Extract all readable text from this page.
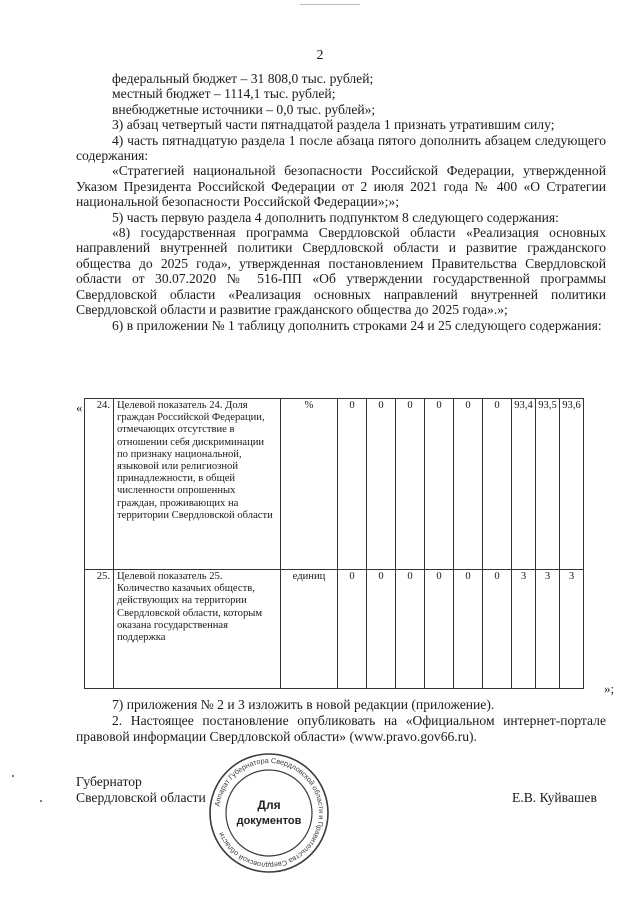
2

федеральный бюджет – 31 808,0 тыс. рублей;

местный бюджет – 1114,1 тыс. рублей;

внебюджетные источники – 0,0 тыс. рублей»;

3) абзац четвертый части пятнадцатой раздела 1 признать утратившим силу;

4) часть пятнадцатую раздела 1 после абзаца пятого дополнить абзацем следующего содержания:

«Стратегией национальной безопасности Российской Федерации, утвержденной Указом Президента Российской Федерации от 2 июля 2021 года № 400 «О Стратегии национальной безопасности Российской Федерации»;»;

5) часть первую раздела 4 дополнить подпунктом 8 следующего содержания:

«8) государственная программа Свердловской области «Реализация основных направлений внутренней политики Свердловской области и развитие гражданского общества до 2025 года», утвержденная постановлением Правительства Свердловской области от 30.07.2020 № 516-ПП «Об утверждении государственной программы Свердловской области «Реализация основных направлений внутренней политики Свердловской области и развитие гражданского общества до 2025 года».»;

6) в приложении № 1 таблицу дополнить строками 24 и 25 следующего содержания:

« 24.	Целевой показатель 24. Доля граждан Российской Федерации, отмечающих отсутствие в отношении себя дискриминации по признаку национальной, языковой или религиозной принадлежности, в общей численности опрошенных граждан, проживающих на территории Свердловской области	%	0	0	0	0	0	0	93,4	93,5	93,6
25.	Целевой показатель 25. Количество казачьих обществ, действующих на территории Свердловской области, которым оказана государственная поддержка	единиц	0	0	0	0	0	0	3	3	3
»;

7) приложения № 2 и 3 изложить в новой редакции (приложение).

2. Настоящее постановление опубликовать на «Официальном интернет-портале правовой информации Свердловской области» (www.pravo.gov66.ru).

Губернатор
Свердловской области	Е.В. Куйвашев
Аппарат Губернатора Свердловской области и Правительства Свердловской области
Для
документов
